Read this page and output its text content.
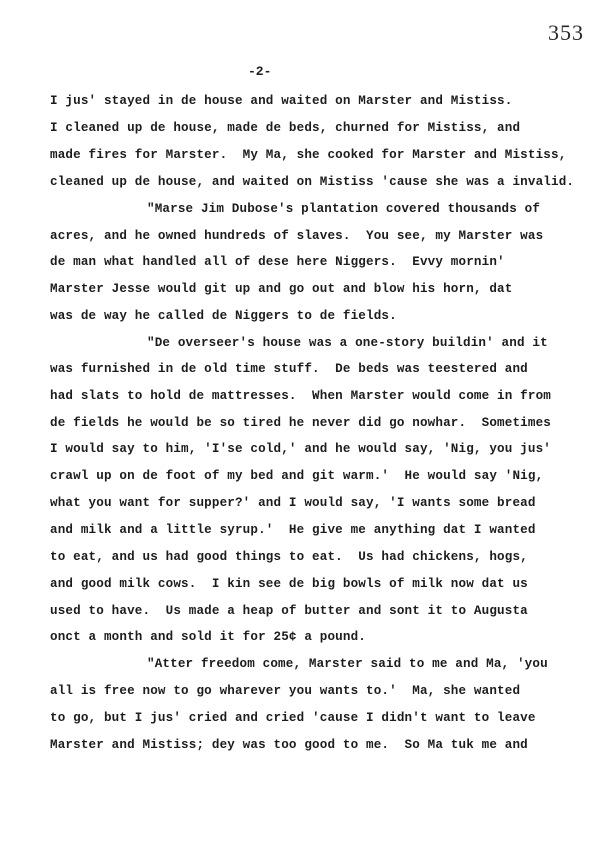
353
-2-
I jus' stayed in de house and waited on Marster and Mistiss.
I cleaned up de house, made de beds, churned for Mistiss, and
made fires for Marster.  My Ma, she cooked for Marster and Mistiss,
cleaned up de house, and waited on Mistiss 'cause she was a invalid.
"Marse Jim Dubose's plantation covered thousands of
acres, and he owned hundreds of slaves.  You see, my Marster was
de man what handled all of dese here Niggers.  Evvy mornin'
Marster Jesse would git up and go out and blow his horn, dat
was de way he called de Niggers to de fields.
"De overseer's house was a one-story buildin' and it
was furnished in de old time stuff.  De beds was teestered and
had slats to hold de mattresses.  When Marster would come in from
de fields he would be so tired he never did go nowhar.  Sometimes
I would say to him, 'I'se cold,' and he would say, 'Nig, you jus'
crawl up on de foot of my bed and git warm.'  He would say 'Nig,
what you want for supper?' and I would say, 'I wants some bread
and milk and a little syrup.'  He give me anything dat I wanted
to eat, and us had good things to eat.  Us had chickens, hogs,
and good milk cows.  I kin see de big bowls of milk now dat us
used to have.  Us made a heap of butter and sont it to Augusta
onct a month and sold it for 25¢ a pound.
"Atter freedom come, Marster said to me and Ma, 'you
all is free now to go wharever you wants to.'  Ma, she wanted
to go, but I jus' cried and cried 'cause I didn't want to leave
Marster and Mistiss; dey was too good to me.  So Ma tuk me and
